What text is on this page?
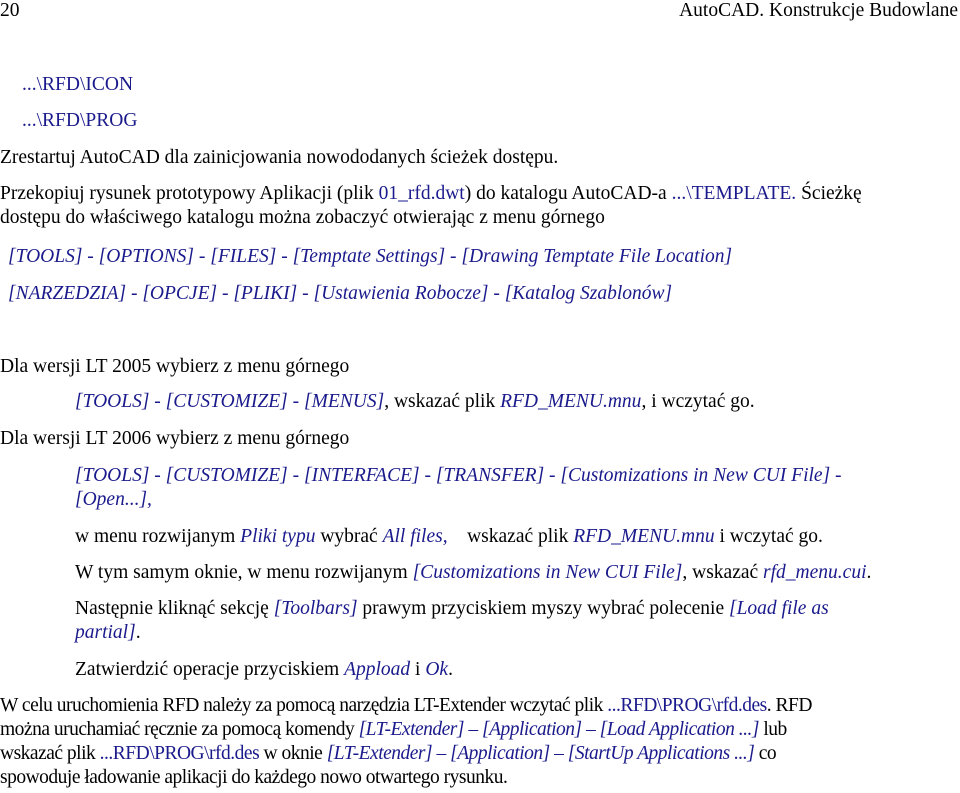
20	AutoCAD. Konstrukcje Budowlane
...\RFD\ICON
...\RFD\PROG
Zrestartuj AutoCAD dla zainicjowania nowododanych ścieżek dostępu.
Przekopiuj rysunek prototypowy Aplikacji (plik 01_rfd.dwt) do katalogu AutoCAD-a ...\TEMPLATE. Ścieżkę
dostępu do właściwego katalogu można zobaczyć otwierając z menu górnego
[TOOLS] - [OPTIONS] - [FILES] - [Temptate Settings] - [Drawing Temptate File Location]
[NARZEDZIA] - [OPCJE] - [PLIKI] - [Ustawienia Robocze] - [Katalog Szablonów]
Dla wersji LT 2005 wybierz z menu górnego
[TOOLS] - [CUSTOMIZE] - [MENUS], wskazać plik RFD_MENU.mnu, i wczytać go.
Dla wersji LT 2006 wybierz z menu górnego
[TOOLS] - [CUSTOMIZE] - [INTERFACE] - [TRANSFER] - [Customizations in New CUI File] -
[Open...],
w menu rozwijanym Pliki typu wybrać All files,    wskazać plik RFD_MENU.mnu i wczytać go.
W tym samym oknie, w menu rozwijanym [Customizations in New CUI File], wskazać rfd_menu.cui.
Następnie kliknąć sekcję [Toolbars] prawym przyciskiem myszy wybrać polecenie [Load file as
partial].
Zatwierdzić operacje przyciskiem Appload i Ok.
W celu uruchomienia RFD należy za pomocą narzędzia LT-Extender wczytać plik ...RFD\PROG\rfd.des. RFD
można uruchamiać ręcznie za pomocą komendy [LT-Extender] – [Application] – [Load Application ...] lub
wskazać plik ...RFD\PROG\rfd.des w oknie [LT-Extender] – [Application] – [StartUp Applications ...] co
spowoduje ładowanie aplikacji do każdego nowo otwartego rysunku.
